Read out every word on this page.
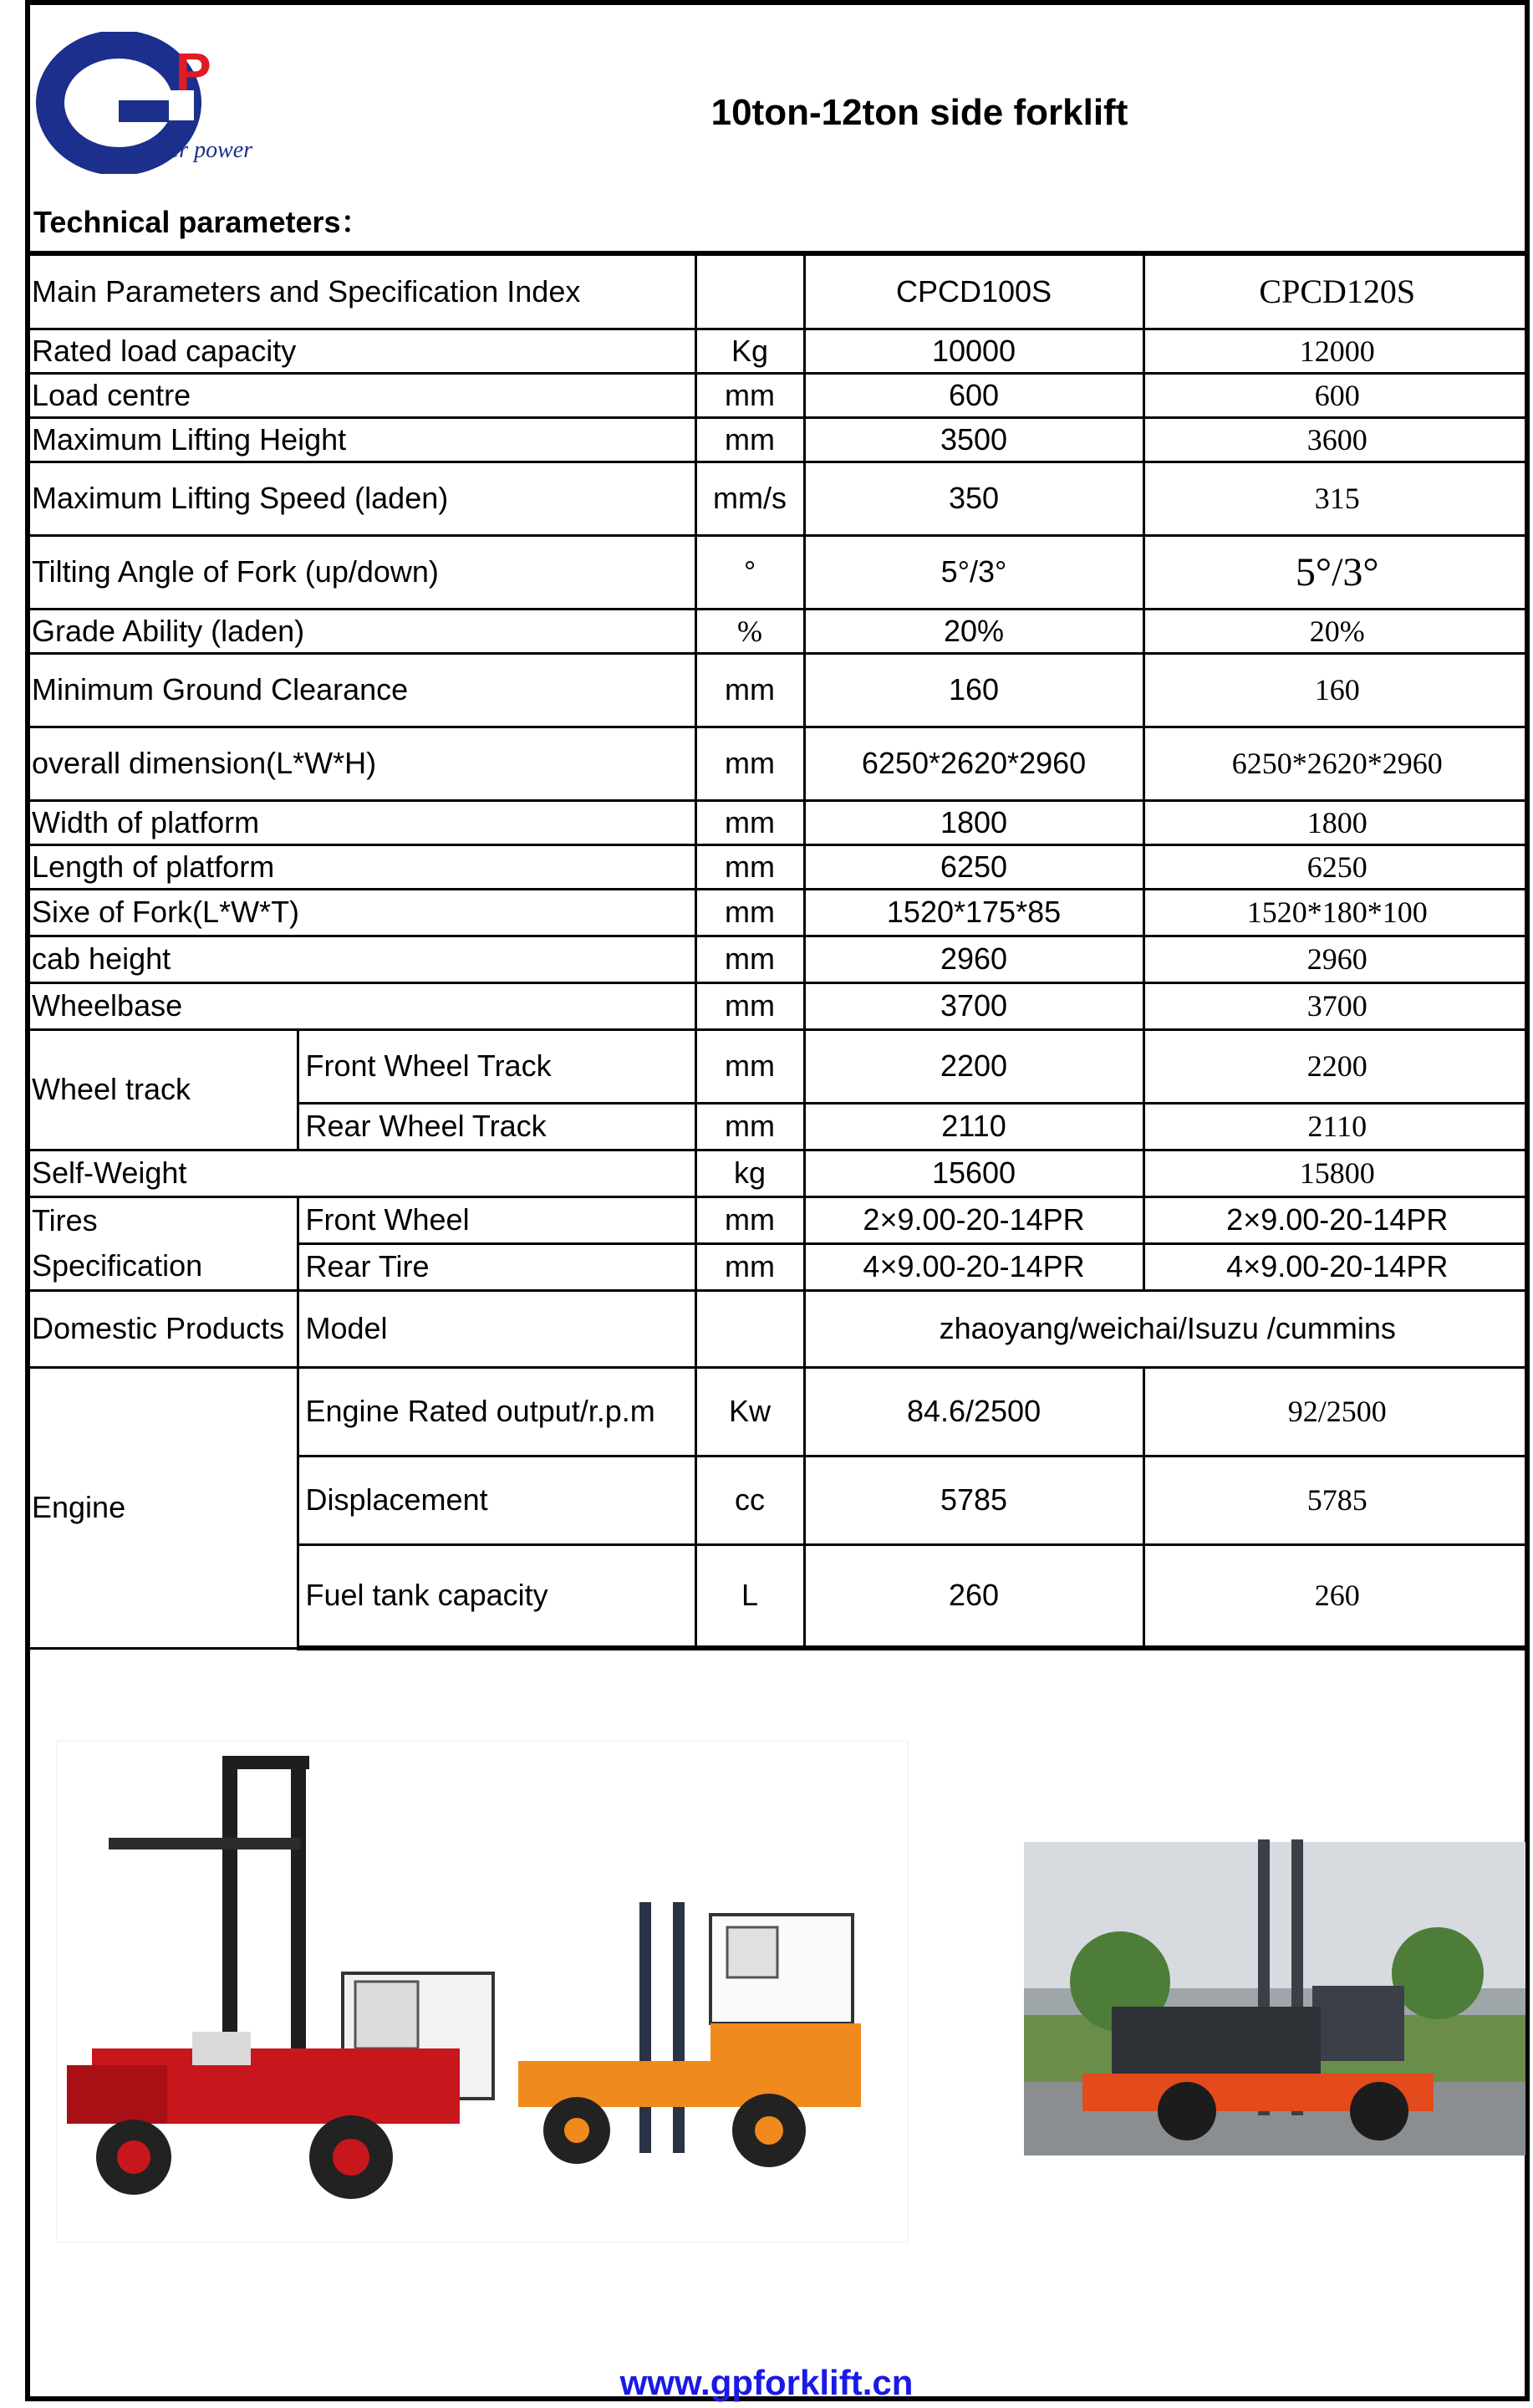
P
gather power
10ton-12ton side forklift
Technical parameters：
Main Parameters and Specification Index			CPCD100S	CPCD120S
Rated load capacity		Kg	10000	12000
Load centre		mm	600	600
Maximum Lifting Height		mm	3500	3600
Maximum Lifting Speed (laden)		mm/s	350	315
Tilting Angle of Fork (up/down)		°	5°/3°	5°/3°
Grade Ability (laden)		%	20%	20%
Minimum Ground Clearance		mm	160	160
overall dimension(L*W*H)		mm	6250*2620*2960	6250*2620*2960
Width of platform		mm	1800	1800
Length of platform		mm	6250	6250
Sixe of Fork(L*W*T)		mm	1520*175*85	1520*180*100
cab height		mm	2960	2960
Wheelbase		mm	3700	3700
Wheel track	Front Wheel Track	mm	2200	2200
	Rear Wheel Track	mm	2110	2110
Self-Weight		kg	15600	15800
Tires	Front Wheel	mm	2×9.00-20-14PR	2×9.00-20-14PR
Specification	Rear Tire	mm	4×9.00-20-14PR	4×9.00-20-14PR
Domestic Products	Model		zhaoyang/weichai/Isuzu /cummins	
Engine	Engine Rated output/r.p.m	Kw	84.6/2500	92/2500
	Displacement	cc	5785	5785
	Fuel tank capacity	L	260	260
www.gpforklift.cn
